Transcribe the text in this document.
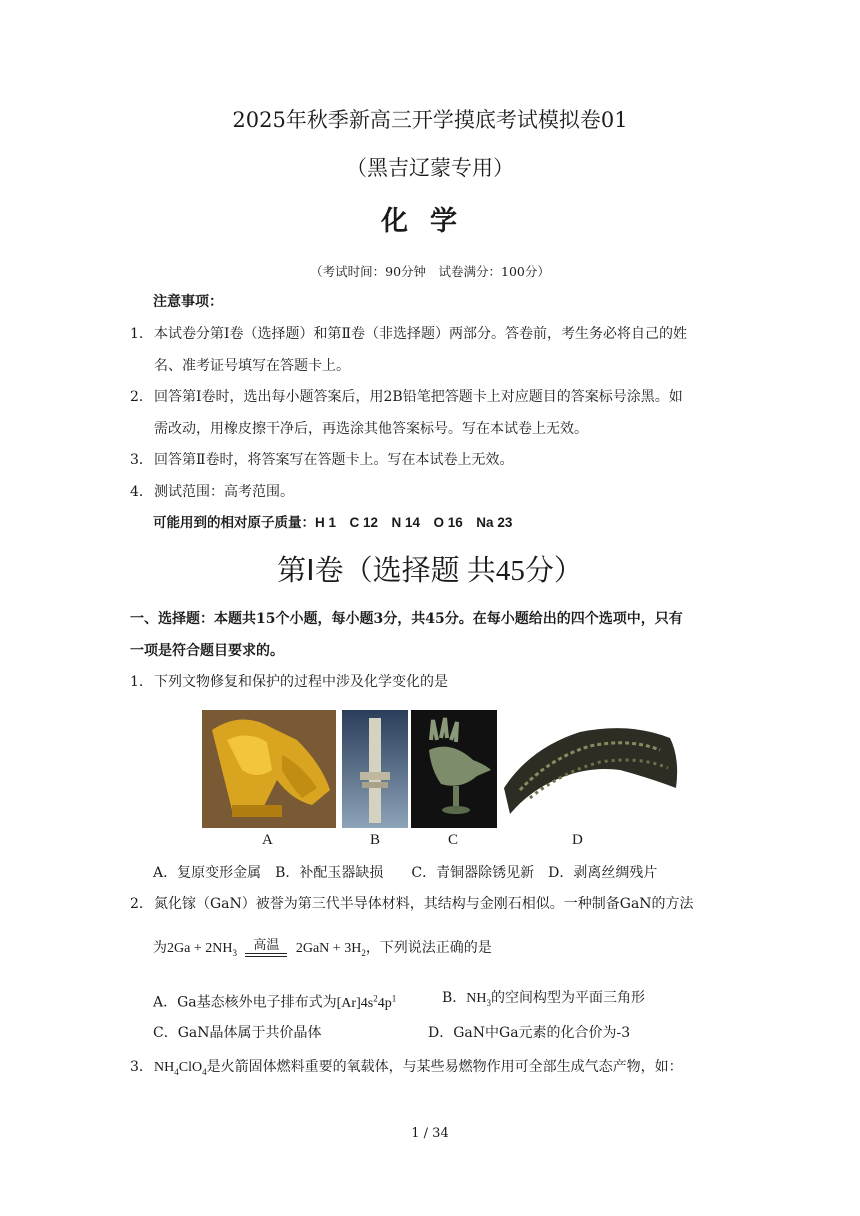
2025年秋季新高三开学摸底考试模拟卷01
（黑吉辽蒙专用）
化学
（考试时间：90分钟　试卷满分：100分）
注意事项：
1．本试卷分第Ⅰ卷（选择题）和第Ⅱ卷（非选择题）两部分。答卷前，考生务必将自己的姓
名、准考证号填写在答题卡上。
2．回答第Ⅰ卷时，选出每小题答案后，用2B铅笔把答题卡上对应题目的答案标号涂黑。如
需改动，用橡皮擦干净后，再选涂其他答案标号。写在本试卷上无效。
3．回答第Ⅱ卷时，将答案写在答题卡上。写在本试卷上无效。
4．测试范围：高考范围。
可能用到的相对原子质量：H 1　C 12　N 14　O 16　Na 23
第Ⅰ卷（选择题 共45分）
一、选择题：本题共15个小题，每小题3分，共45分。在每小题给出的四个选项中，只有
一项是符合题目要求的。
1．下列文物修复和保护的过程中涉及化学变化的是
A	B	C	D
A．复原变形金属　B．补配玉器缺损　　C．青铜器除锈见新　D．剥离丝绸残片
2．氮化镓（GaN）被誉为第三代半导体材料，其结构与金刚石相似。一种制备GaN的方法
为$2Ga + 2NH_3$	高温	$2GaN + 3H_2$，下列说法正确的是
A．Ga基态核外电子排布式为$[Ar]4s^24p^1$	B．$NH_3$的空间构型为平面三角形
C．GaN晶体属于共价晶体	D．GaN中Ga元素的化合价为-3
3．$NH_4ClO_4$是火箭固体燃料重要的氧载体，与某些易燃物作用可全部生成气态产物，如：
1 / 34
